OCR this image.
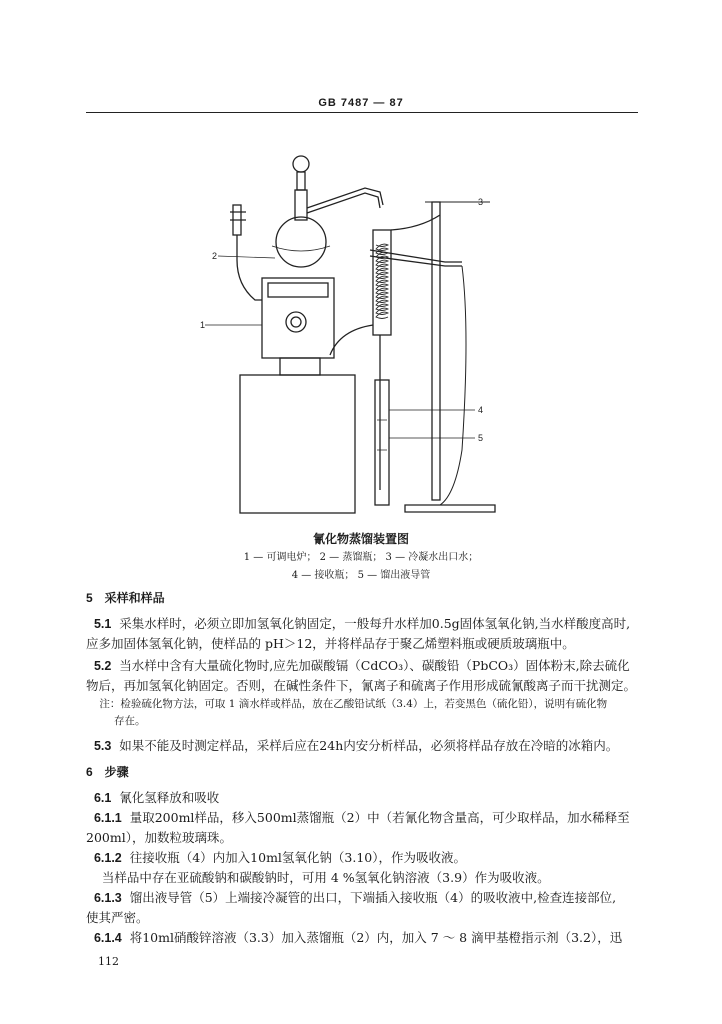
GB 7487 — 87
1
2
3
4
5
氰化物蒸馏装置图
1 — 可调电炉； 2 — 蒸馏瓶； 3 — 冷凝水出口水；
4 — 接收瓶； 5 — 馏出液导管
5 采样和样品
5.1 采集水样时，必须立即加氢氧化钠固定，一般每升水样加0.5g固体氢氧化钠,当水样酸度高时,
应多加固体氢氧化钠，使样品的 pH＞12，并将样品存于聚乙烯塑料瓶或硬质玻璃瓶中。
5.2 当水样中含有大量硫化物时,应先加碳酸镉（CdCO₃）、碳酸铅（PbCO₃）固体粉末,除去硫化
物后，再加氢氧化钠固定。否则，在碱性条件下，氰离子和硫离子作用形成硫氰酸离子而干扰测定。
注：检验硫化物方法，可取 1 滴水样或样品，放在乙酸铅试纸（3.4）上，若变黑色（硫化铅），说明有硫化物
存在。
5.3 如果不能及时测定样品，采样后应在24h内安分析样品，必须将样品存放在冷暗的冰箱内。
6 步骤
6.1 氰化氢释放和吸收
6.1.1 量取200ml样品，移入500ml蒸馏瓶（2）中（若氰化物含量高，可少取样品，加水稀释至
200ml），加数粒玻璃珠。
6.1.2 往接收瓶（4）内加入10ml氢氧化钠（3.10），作为吸收液。
当样品中存在亚硫酸钠和碳酸钠时，可用 4 %氢氧化钠溶液（3.9）作为吸收液。
6.1.3 馏出液导管（5）上端接冷凝管的出口，下端插入接收瓶（4）的吸收液中,检查连接部位,
使其严密。
6.1.4 将10ml硝酸锌溶液（3.3）加入蒸馏瓶（2）内，加入 7 ～ 8 滴甲基橙指示剂（3.2），迅
112
